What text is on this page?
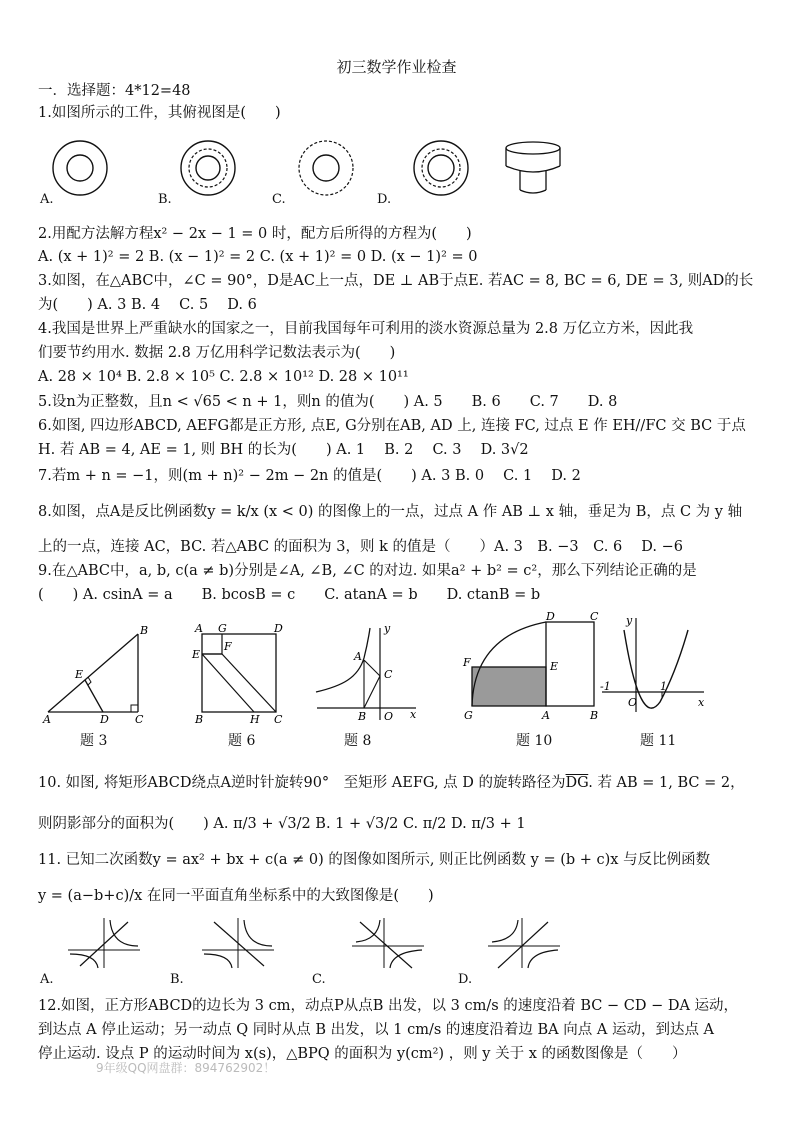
初三数学作业检查
一．选择题：4*12=48
1.如图所示的工件，其俯视图是(　　)
A.	B.	C.	D.
2.用配方法解方程x² − 2x − 1 = 0 时，配方后所得的方程为(　　)
A. (x + 1)² = 2 B. (x − 1)² = 2 C. (x + 1)² = 0 D. (x − 1)² = 0
3.如图，在△ABC中，∠C = 90°，D是AC上一点，DE ⊥ AB于点E. 若AC = 8, BC = 6, DE = 3, 则AD的长
为(　　) A. 3 B. 4　 C. 5　 D. 6
4.我国是世界上严重缺水的国家之一，目前我国每年可利用的淡水资源总量为 2.8 万亿立方米，因此我
们要节约用水. 数据 2.8 万亿用科学记数法表示为(　　)
A. 28 × 10⁴ B. 2.8 × 10⁵ C. 2.8 × 10¹² D. 28 × 10¹¹
5.设n为正整数，且n < √65 < n + 1，则n 的值为(　　) A. 5　　B. 6　　C. 7　　D. 8
6.如图, 四边形ABCD, AEFG都是正方形, 点E, G分别在AB, AD 上, 连接 FC, 过点 E 作 EH//FC 交 BC 于点
H. 若 AB = 4, AE = 1, 则 BH 的长为(　　) A. 1　 B. 2　 C. 3　 D. 3√2
7.若m + n = −1，则(m + n)² − 2m − 2n 的值是(　　) A. 3 B. 0　 C. 1　 D. 2
8.如图，点A是反比例函数y = k/x (x < 0) 的图像上的一点，过点 A 作 AB ⊥ x 轴，垂足为 B，点 C 为 y 轴
上的一点，连接 AC，BC. 若△ABC 的面积为 3，则 k 的值是（　　）A. 3　B. −3　C. 6　 D. −6
9.在△ABC中，a, b, c(a ≠ b)分别是∠A, ∠B, ∠C 的对边. 如果a² + b² = c²，那么下列结论正确的是
(　　) A. csinA = a　　B. bcosB = c　　C. atanA = b　　D. ctanB = b
B
E
A	D C
A G	D
E
F
B	H C
y
A
C
B O x
D	C
F	E
G	A	B
y
-1
O
1
x
题 3	题 6	题 8	题 10	题 11
10. 如图, 将矩形ABCD绕点A逆时针旋转90°　至矩形 AEFG, 点 D 的旋转路径为$\overline{DG}$. 若 AB = 1, BC = 2，
则阴影部分的面积为(　　) A. π/3 + √3/2 B. 1 + √3/2 C. π/2 D. π/3 + 1
11. 已知二次函数y = ax² + bx + c(a ≠ 0) 的图像如图所示, 则正比例函数 y = (b + c)x 与反比例函数
y = (a−b+c)/x 在同一平面直角坐标系中的大致图像是(　　)
A.	B.	C.	D.
12.如图，正方形ABCD的边长为 3 cm，动点P从点B 出发，以 3 cm/s 的速度沿着 BC − CD − DA 运动，
到达点 A 停止运动；另一动点 Q 同时从点 B 出发，以 1 cm/s 的速度沿着边 BA 向点 A 运动，到达点 A
停止运动. 设点 P 的运动时间为 x(s)，△BPQ 的面积为 y(cm²) ，则 y 关于 x 的函数图像是（　　）
9年级QQ网盘群：894762902！
